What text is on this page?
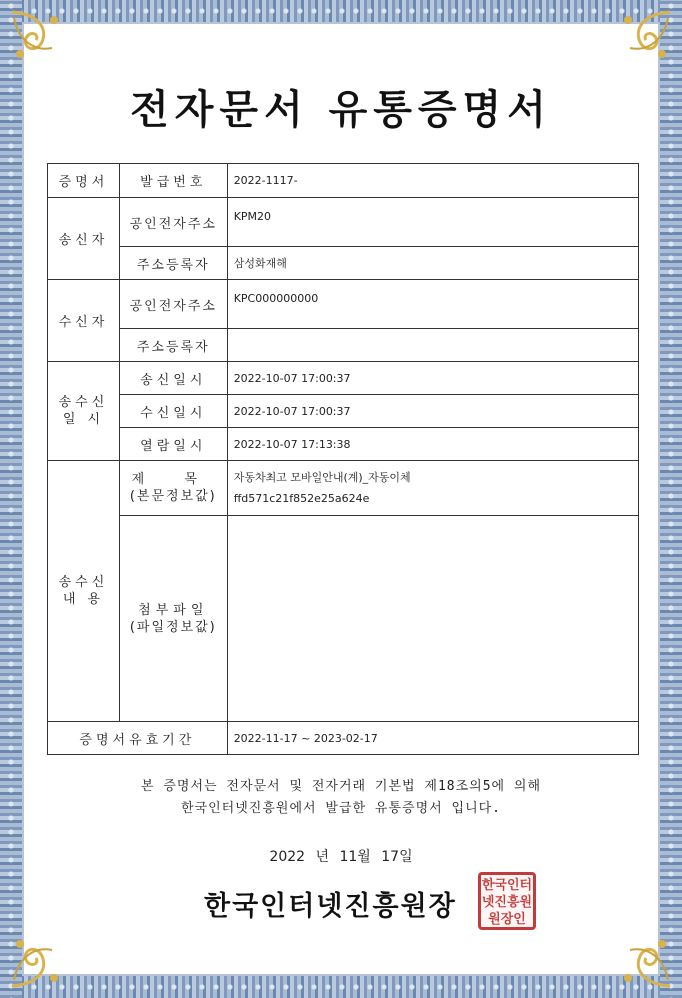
전자문서 유통증명서
증명서	발급번호	2022-1117-
송신자	공인전자주소	KPM20
	주소등록자	삼성화재해
수신자	공인전자주소	KPC000000000
	주소등록자	

송수신
일 시	송신일시	2022-10-07 17:00:37
	수신일시	2022-10-07 17:00:37
	열람일시	2022-10-07 17:13:38

송수신
내 용	제 목
(본문정보값)	자동차최고 모바일안내(계)_자동이체
ffd571c21f852e25a624e

	첨부파일
(파일정보값)	

증명서유효기간		2022-11-17 ~ 2023-02-17
본 증명서는 전자문서 및 전자거래 기본법 제18조의5에 의해
한국인터넷진흥원에서 발급한 유통증명서 입니다.
2022 년 11월 17일
한국인터넷진흥원장
한국인터
넷진흥원
원장인
